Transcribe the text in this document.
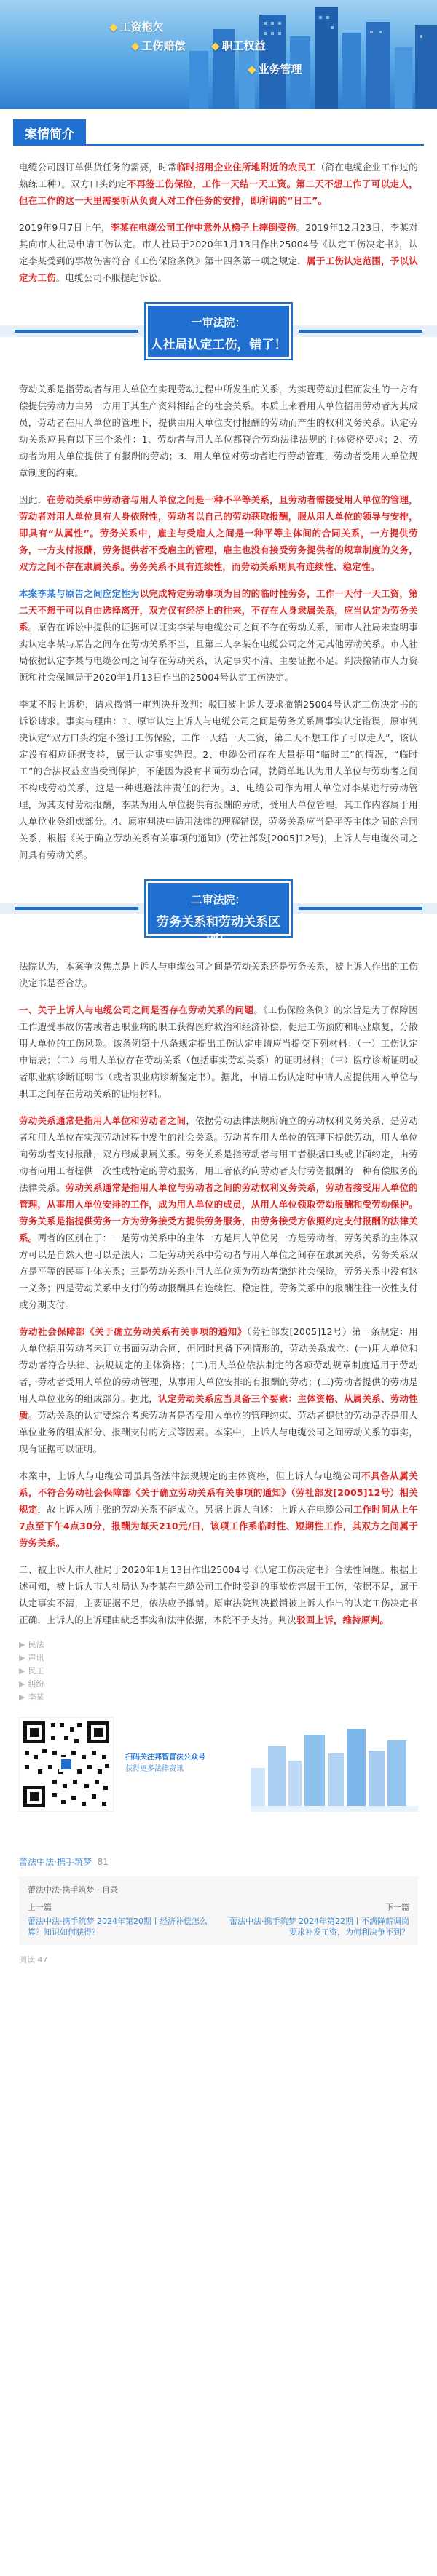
◆ 工资拖欠
◆ 工伤赔偿 ◆ 职工权益
◆ 业务管理
案情简介

电缆公司因订单供货任务的需要，时常临时招用企业住所地附近的农民工（简在电缆企业工作过的熟练工种）。双方口头约定不再签工伤保险，工作一天结一天工资。第二天不想工作了可以走人，但在工作的这一天里需要听从负责人对工作任务的安排，即所谓的“日工”。

2019年9月7日上午，李某在电缆公司工作中意外从梯子上摔倒受伤。2019年12月23日，李某对其向市人社局申请工伤认定。市人社局于2020年1月13日作出25004号《认定工伤决定书》，认定李某受到的事故伤害符合《工伤保险条例》第十四条第一项之规定，属于工伤认定范围，予以认定为工伤。电缆公司不服提起诉讼。

一审法院：
人社局认定工伤，错了！

劳动关系是指劳动者与用人单位在实现劳动过程中所发生的关系，为实现劳动过程而发生的一方有偿提供劳动力由另一方用于其生产资料相结合的社会关系。本质上来看用人单位招用劳动者为其成员，劳动者在用人单位的管理下，提供由用人单位支付报酬的劳动而产生的权利义务关系。认定劳动关系应具有以下三个条件：1、劳动者与用人单位都符合劳动法律法规的主体资格要求；2、劳动者为用人单位提供了有报酬的劳动；3、用人单位对劳动者进行劳动管理，劳动者受用人单位规章制度的约束。

因此，在劳动关系中劳动者与用人单位之间是一种不平等关系，且劳动者需接受用人单位的管理，劳动者对用人单位具有人身依附性，劳动者以自己的劳动获取报酬，服从用人单位的领导与安排，即具有“从属性”。劳务关系中，雇主与受雇人之间是一种平等主体间的合同关系，一方提供劳务，一方支付报酬，劳务提供者不受雇主的管理，雇主也没有接受劳务提供者的规章制度的义务，双方之间不存在隶属关系。劳务关系不具有连续性，而劳动关系则具有连续性、稳定性。

本案李某与原告之间应定性为以完成特定劳动事项为目的的临时性劳务，工作一天付一天工资，第二天不想干可以自由选择离开，双方仅有经济上的往来，不存在人身隶属关系，应当认定为劳务关系。原告在诉讼中提供的证据可以证实李某与电缆公司之间不存在劳动关系，而市人社局未查明事实认定李某与原告之间存在劳动关系不当，且第三人李某在电缆公司之外无其他劳动关系。市人社局依据认定李某与电缆公司之间存在劳动关系，认定事实不清、主要证据不足。判决撤销市人力资源和社会保障局于2020年1月13日作出的25004号认定工伤决定。

李某不服上诉称，请求撤销一审判决并改判：驳回被上诉人要求撤销25004号认定工伤决定书的诉讼请求。事实与理由：1、原审认定上诉人与电缆公司之间是劳务关系属事实认定错误，原审判决认定“双方口头约定不签订工伤保险，工作一天结一天工资，第二天不想工作了可以走人”，该认定没有相应证据支持，属于认定事实错误。2、电缆公司存在大量招用“临时工”的情况，“临时工”的合法权益应当受到保护，不能因为没有书面劳动合同，就简单地认为用人单位与劳动者之间不构成劳动关系，这是一种逃避法律责任的行为。3、电缆公司作为用人单位对李某进行劳动管理，为其支付劳动报酬，李某为用人单位提供有报酬的劳动，受用人单位管理，其工作内容属于用人单位业务组成部分。4、原审判决中适用法律的理解错误，劳务关系应当是平等主体之间的合同关系，根据《关于确立劳动关系有关事项的通知》(劳社部发[2005]12号)，上诉人与电缆公司之间具有劳动关系。

二审法院：
劳务关系和劳动关系区别！

法院认为，本案争议焦点是上诉人与电缆公司之间是劳动关系还是劳务关系，被上诉人作出的工伤决定书是否合法。

一、关于上诉人与电缆公司之间是否存在劳动关系的问题。《工伤保险条例》的宗旨是为了保障因工作遭受事故伤害或者患职业病的职工获得医疗救治和经济补偿，促进工伤预防和职业康复，分散用人单位的工伤风险。该条例第十八条规定提出工伤认定申请应当提交下列材料：（一）工伤认定申请表；（二）与用人单位存在劳动关系（包括事实劳动关系）的证明材料；（三）医疗诊断证明或者职业病诊断证明书（或者职业病诊断鉴定书）。据此，申请工伤认定时申请人应提供用人单位与职工之间存在劳动关系的证明材料。

劳动关系通常是指用人单位和劳动者之间，依据劳动法律法规所确立的劳动权利义务关系，是劳动者和用人单位在实现劳动过程中发生的社会关系。劳动者在用人单位的管理下提供劳动，用人单位向劳动者支付报酬，双方形成隶属关系。劳务关系是指劳动者与用工者根据口头或书面约定，由劳动者向用工者提供一次性或特定的劳动服务，用工者依约向劳动者支付劳务报酬的一种有偿服务的法律关系。劳动关系通常是指用人单位与劳动者之间的劳动权利义务关系，劳动者接受用人单位的管理，从事用人单位安排的工作，成为用人单位的成员，从用人单位领取劳动报酬和受劳动保护。劳务关系是指提供劳务一方为劳务接受方提供劳务服务，由劳务接受方依照约定支付报酬的法律关系。两者的区别在于：一是劳动关系中的主体一方是用人单位另一方是劳动者，劳务关系的主体双方可以是自然人也可以是法人；二是劳动关系中劳动者与用人单位之间存在隶属关系，劳务关系双方是平等的民事主体关系；三是劳动关系中用人单位须为劳动者缴纳社会保险，劳务关系中没有这一义务；四是劳动关系中支付的劳动报酬具有连续性、稳定性，劳务关系中的报酬往往一次性支付或分期支付。

劳动社会保障部《关于确立劳动关系有关事项的通知》（劳社部发[2005]12号）第一条规定：用人单位招用劳动者未订立书面劳动合同，但同时具备下列情形的，劳动关系成立：(一)用人单位和劳动者符合法律、法规规定的主体资格；(二)用人单位依法制定的各项劳动规章制度适用于劳动者，劳动者受用人单位的劳动管理，从事用人单位安排的有报酬的劳动；(三)劳动者提供的劳动是用人单位业务的组成部分。据此，认定劳动关系应当具备三个要素：主体资格、从属关系、劳动性质。劳动关系的认定要综合考虑劳动者是否受用人单位的管理约束、劳动者提供的劳动是否是用人单位业务的组成部分、报酬支付的方式等因素。本案中，上诉人与电缆公司之间劳动关系的事实，现有证据可以证明。

本案中，上诉人与电缆公司虽具备法律法规规定的主体资格，但上诉人与电缆公司不具备从属关系，不符合劳动社会保障部《关于确立劳动关系有关事项的通知》（劳社部发[2005]12号）相关规定，故上诉人所主张的劳动关系不能成立。另据上诉人自述：上诉人在电缆公司工作时间从上午7点至下午4点30分，报酬为每天210元/日，该项工作系临时性、短期性工作，其双方之间属于劳务关系。

二、被上诉人市人社局于2020年1月13日作出25004号《认定工伤决定书》合法性问题。根据上述可知，被上诉人市人社局认为李某在电缆公司工作时受到的事故伤害属于工伤，依据不足，属于认定事实不清，主要证据不足，依法应予撤销。原审法院判决撤销被上诉人作出的认定工伤决定书正确，上诉人的上诉理由缺乏事实和法律依据，本院不予支持。判决驳回上诉，维持原判。

▶ 民法
▶ 声讯
▶ 民工
▶ 纠纷
▶ 李某
扫码关注邦智普法公众号
获得更多法律资讯
蕾法中法·携手筑梦 81
蕾法中法·携手筑梦 · 目录
上一篇
蕾法中法·携手筑梦 2024年第20期丨经济补偿怎么算？知识如何获得？
下一篇
蕾法中法·携手筑梦 2024年第22期丨不满降薪调岗要求补发工资，为何利决争不到？
阅读 47
